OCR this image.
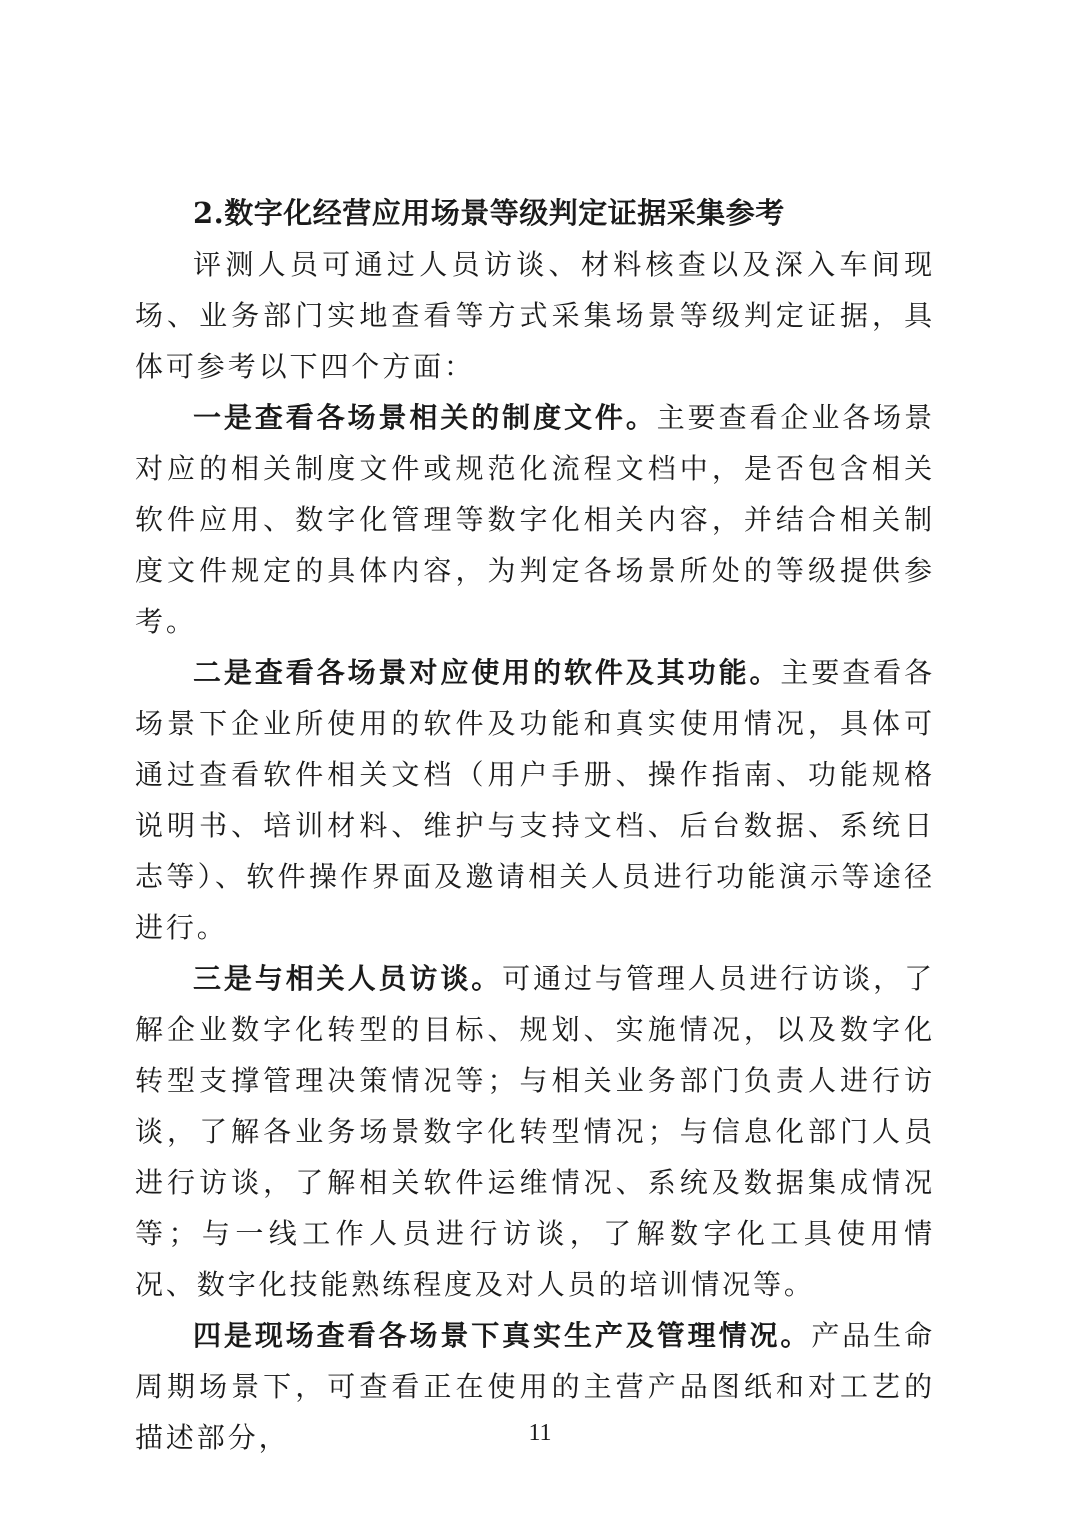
2.数字化经营应用场景等级判定证据采集参考

评测人员可通过人员访谈、材料核查以及深入车间现场、业务部门实地查看等方式采集场景等级判定证据，具体可参考以下四个方面：

一是查看各场景相关的制度文件。主要查看企业各场景对应的相关制度文件或规范化流程文档中，是否包含相关软件应用、数字化管理等数字化相关内容，并结合相关制度文件规定的具体内容，为判定各场景所处的等级提供参考。

二是查看各场景对应使用的软件及其功能。主要查看各场景下企业所使用的软件及功能和真实使用情况，具体可通过查看软件相关文档（用户手册、操作指南、功能规格说明书、培训材料、维护与支持文档、后台数据、系统日志等）、软件操作界面及邀请相关人员进行功能演示等途径进行。

三是与相关人员访谈。可通过与管理人员进行访谈，了解企业数字化转型的目标、规划、实施情况，以及数字化转型支撑管理决策情况等；与相关业务部门负责人进行访谈，了解各业务场景数字化转型情况；与信息化部门人员进行访谈，了解相关软件运维情况、系统及数据集成情况等；与一线工作人员进行访谈，了解数字化工具使用情况、数字化技能熟练程度及对人员的培训情况等。

四是现场查看各场景下真实生产及管理情况。产品生命周期场景下，可查看正在使用的主营产品图纸和对工艺的描述部分，	11
